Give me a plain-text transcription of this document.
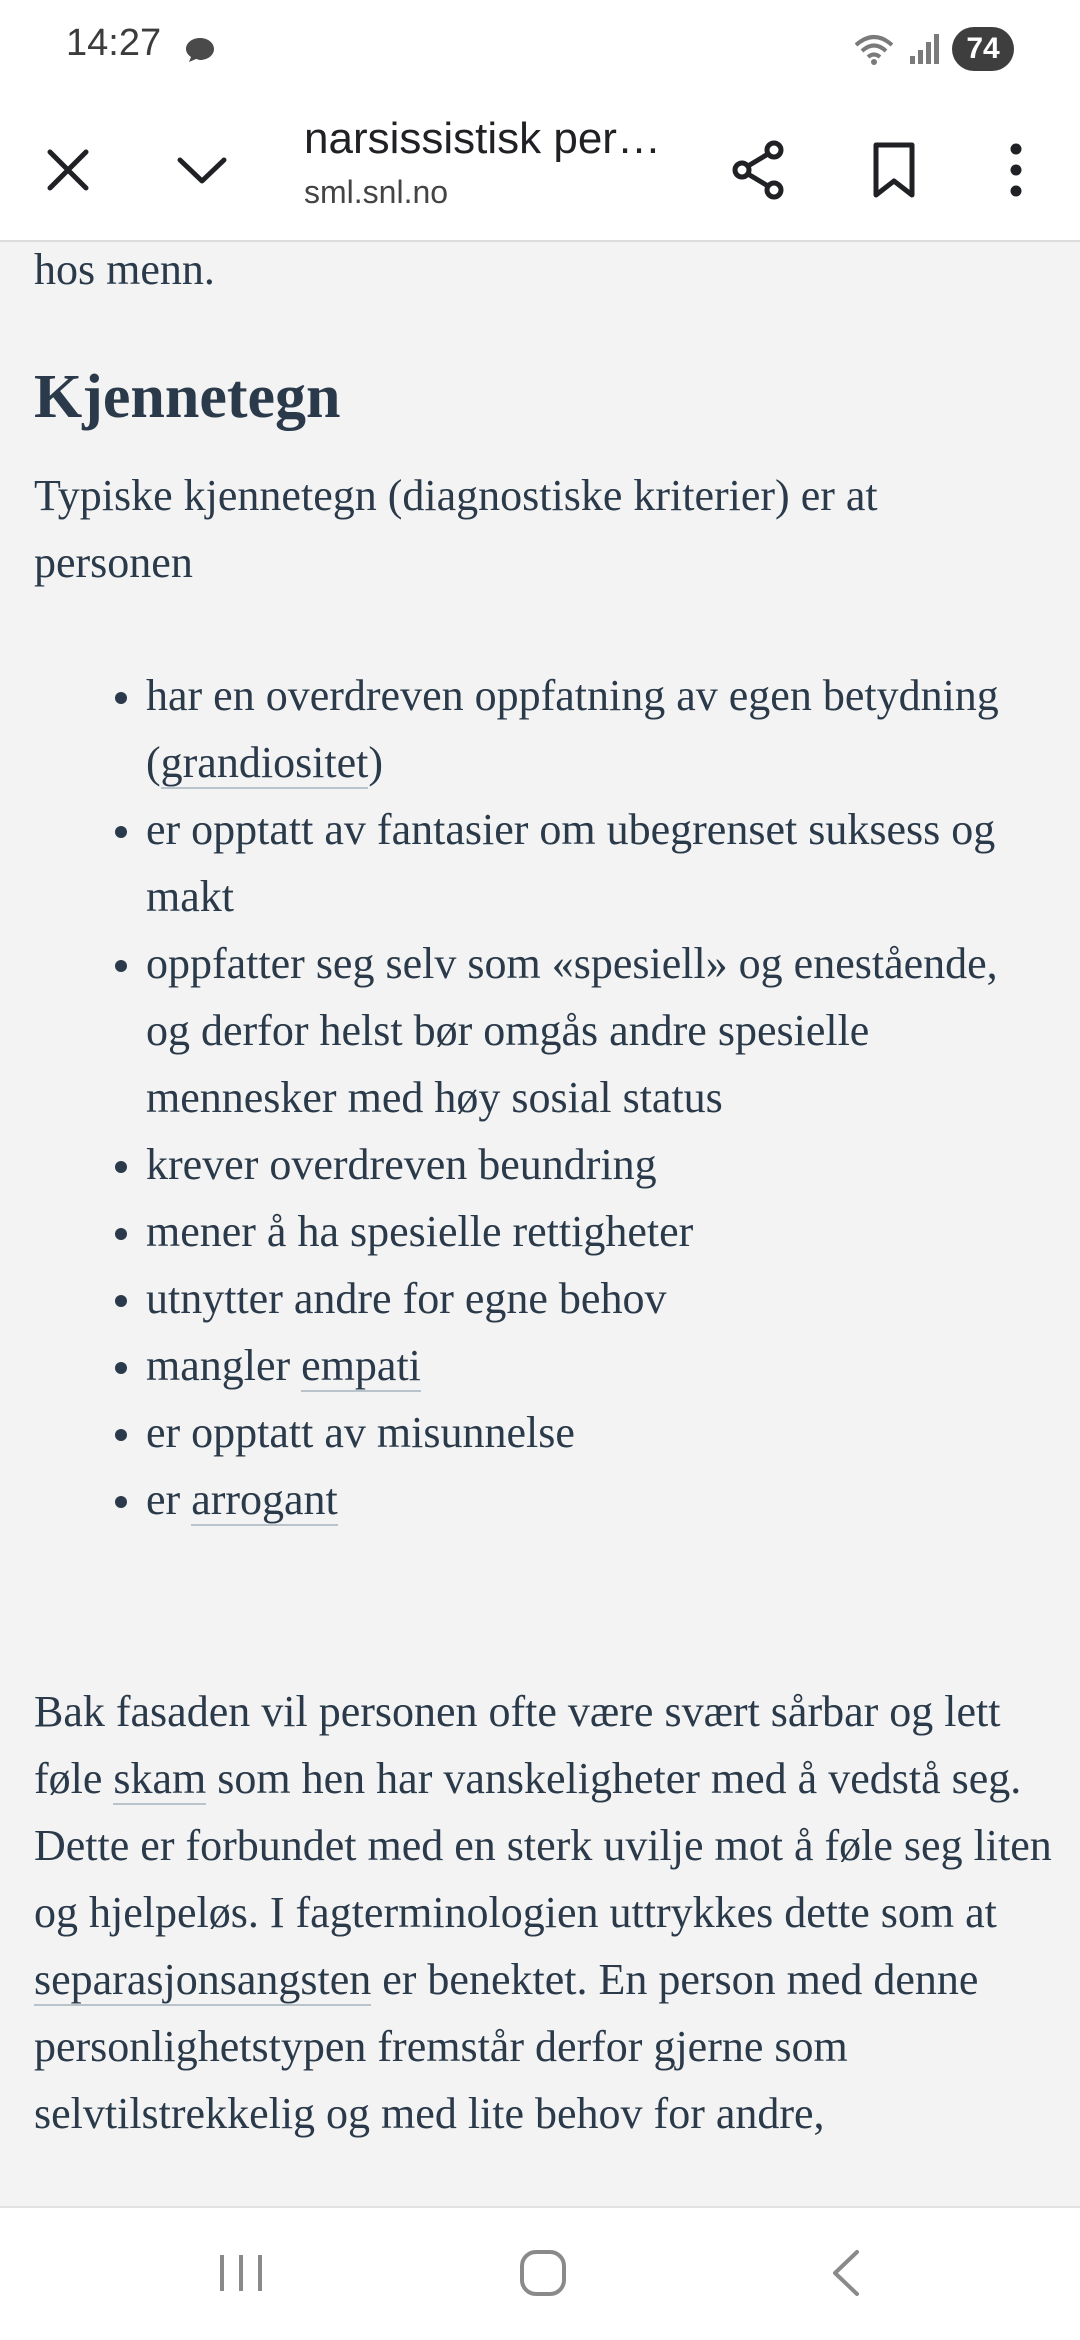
14:27	74
narsissistisk per…
sml.snl.no

hos menn.

Kjennetegn

Typiske kjennetegn (diagnostiske kriterier) er at personen

• har en overdreven oppfatning av egen betydning (grandiositet)
• er opptatt av fantasier om ubegrenset suksess og makt
• oppfatter seg selv som «spesiell» og enestående, og derfor helst bør omgås andre spesielle mennesker med høy sosial status
• krever overdreven beundring
• mener å ha spesielle rettigheter
• utnytter andre for egne behov
• mangler empati
• er opptatt av misunnelse
• er arrogant

Bak fasaden vil personen ofte være svært sårbar og lett føle skam som hen har vanskeligheter med å vedstå seg. Dette er forbundet med en sterk uvilje mot å føle seg liten og hjelpeløs. I fagterminologien uttrykkes dette som at separasjonsangsten er benektet. En person med denne personlighetstypen fremstår derfor gjerne som selvtilstrekkelig og med lite behov for andre,
